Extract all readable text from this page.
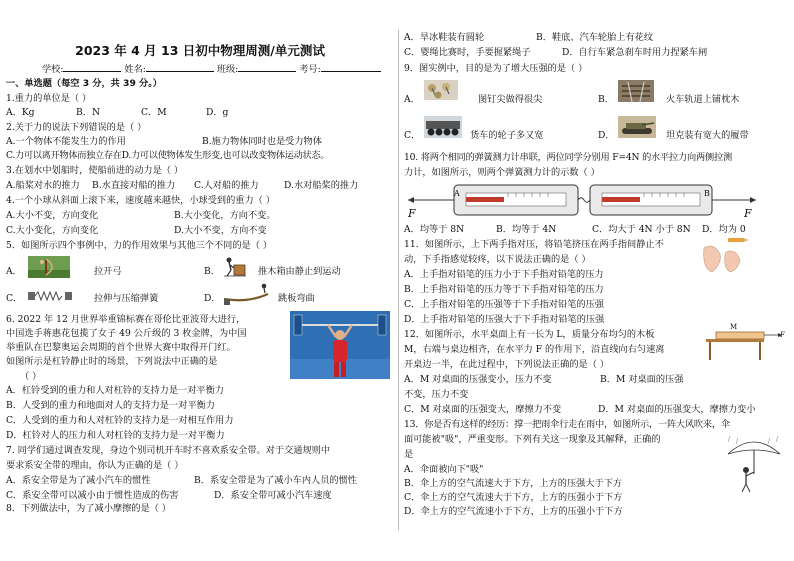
2023 年 4 月 13 日初中物理周测/单元测试
学校:	姓名:	班级:	考号:
一、单选题（每空 3 分，共 39 分。）
1.重力的单位是（ ）
A．Kg	B．N	C．M	D．g
2.关于力的说法下列错误的是（ ）
A.一个物体不能发生力的作用	B.施力物体同时也是受力物体
C.力可以离开物体而独立存在D.力可以使物体发生形变,也可以改变物体运动状态。
3.在划水中划船时，使船前进的动力是（ ）
A.船桨对水的推力 B.水直接对船的推力 C.人对船的推力	D.水对船桨的推力
4.一个小球从斜面上滚下来，速度越来越快，小球受到的重力（ ）
A.大小不变，方向变化	B.大小变化，方向不变。
C.大小变化，方向变化	D.大小不变，方向不变
5．如图所示四个事例中，力的作用效果与其他三个不同的是（ ）
A．	拉开弓	B．	推木箱由静止到运动
C．	拉伸与压缩弹簧	D．	跳板弯曲
6. 2022 年 12 月世界举重锦标赛在哥伦比亚波哥大进行，
中国选手蒋惠花包揽了女子 49 公斤级的 3 枚金牌，为中国
举重队在巴黎奥运会周期的首个世界大赛中取得开门红。
如图所示是杠铃静止时的场景，下列说法中正确的是
（ ）
A．杠铃受到的重力和人对杠铃的支持力是一对平衡力
B．人受到的重力和地面对人的支持力是一对平衡力
C．人受到的重力和人对杠铃的支持力是一对相互作用力
D．杠铃对人的压力和人对杠铃的支持力是一对平衡力
7. 同学们通过调查发现，身边个别司机开车时不喜欢系安全带。对于交通规则中
要求系安全带的理由，你认为正确的是（ ）
A．系安全带是为了减小汽车的惯性	B．系安全带是为了减小车内人员的惯性
C．系安全带可以减小由于惯性造成的伤害	D．系安全带可减小汽车速度
8．下列做法中，为了减小摩擦的是（ ）
A．旱冰鞋装有圆轮	B．鞋底、汽车轮胎上有花纹
C．婴绳比赛时，手要握紧绳子	D．自行车紧急刹车时用力捏紧车闸
9．图实例中，目的是为了增大压强的是（ ）
A．	图钉尖做得很尖	B．	火车轨道上铺枕木
C．	货车的轮子多又宽	D．	坦克装有宽大的履带
10. 将两个相同的弹簧测力计串联，两位同学分别用 F=4N 的水平拉力向两侧拉测
力计，如图所示，则两个弹簧测力计的示数（ ）
A	B
F	F
A．均等于 8N	B．均等于 4N	C．均大于 4N 小于 8N D．均为 0
11．如图所示，上下两手指对压，将铅笔挤压在两手指间静止不
动，下手指感觉较疼，以下说法正确的是（ ）
A．上手指对铅笔的压力小于下手指对铅笔的压力
B．上手指对铅笔的压力等于下手指对铅笔的压力
C．上手指对铅笔的压强等于下手指对铅笔的压强
D．上手指对铅笔的压强大于下手指对铅笔的压强
12．如图所示，水平桌面上有一长为 L，质量分布均匀的木板
M，右端与桌边相齐，在水平力 F 的作用下，沿直线向右匀速离
开桌边一半，在此过程中，下列说法正确的是（ ）
M
F
A．M 对桌面的压强变小，压力不变	B．M 对桌面的压强
不变，压力不变
C．M 对桌面的压强变大，摩擦力不变	D．M 对桌面的压强变大，摩擦力变小
13．你是否有这样的经历：撑一把雨伞行走在雨中，如图所示，一阵大风吹来，伞
面可能被"吸"，严重变形。下列有关这一现象及其解释，正确的
是
A．伞面被向下"吸"
B．伞上方的空气流速大于下方，上方的压强大于下方
C．伞上方的空气流速大于下方，上方的压强小于下方
D．伞上方的空气流速小于下方，上方的压强小于下方
